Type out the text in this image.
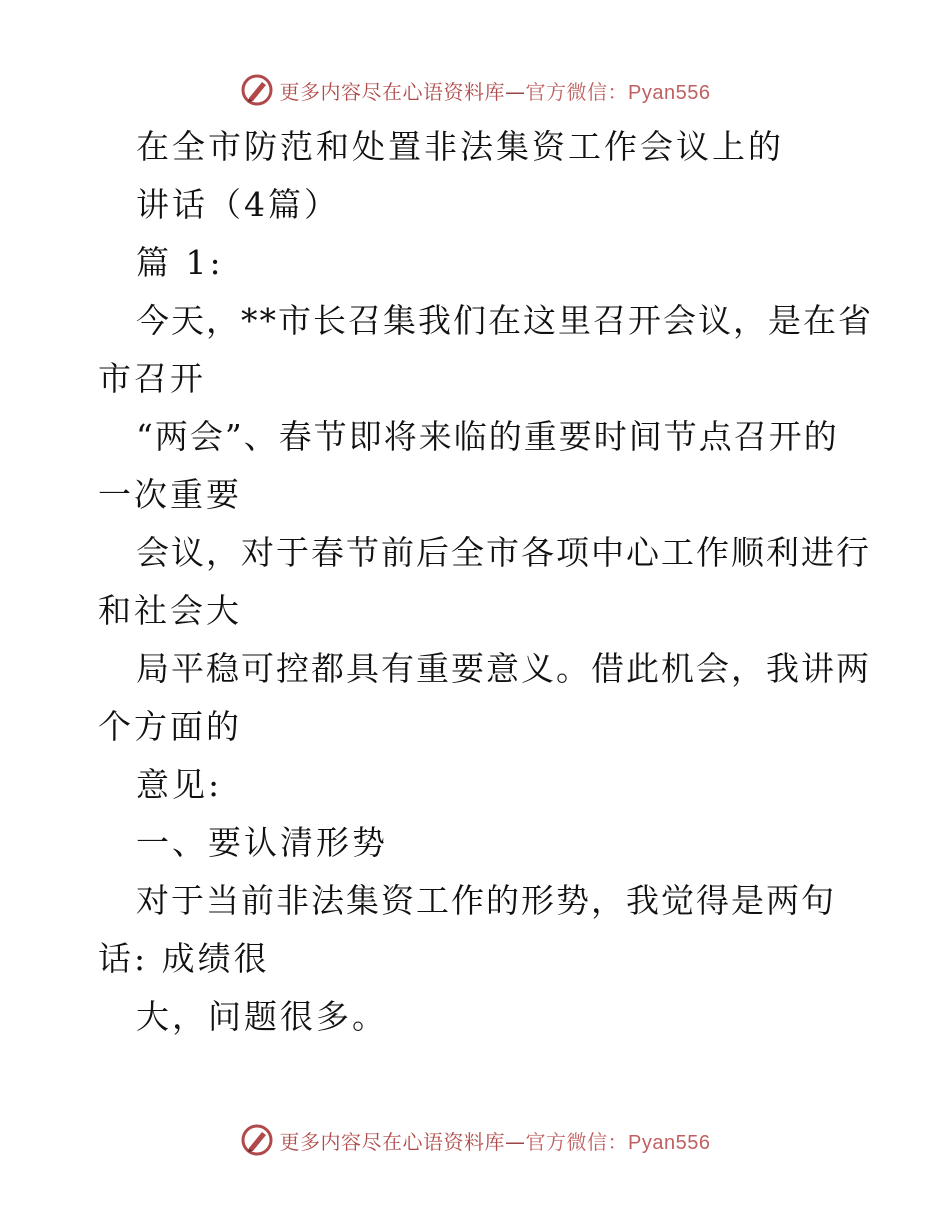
更多内容尽在心语资料库—官方微信：Pyan556
在全市防范和处置非法集资工作会议上的
讲话（4篇）
篇 1:
今天，**市长召集我们在这里召开会议，是在省
市召开
“两会”、春节即将来临的重要时间节点召开的
一次重要
会议，对于春节前后全市各项中心工作顺利进行
和社会大
局平稳可控都具有重要意义。借此机会，我讲两
个方面的
意见:
一、要认清形势
对于当前非法集资工作的形势，我觉得是两句
话: 成绩很
大，问题很多。
更多内容尽在心语资料库—官方微信：Pyan556
